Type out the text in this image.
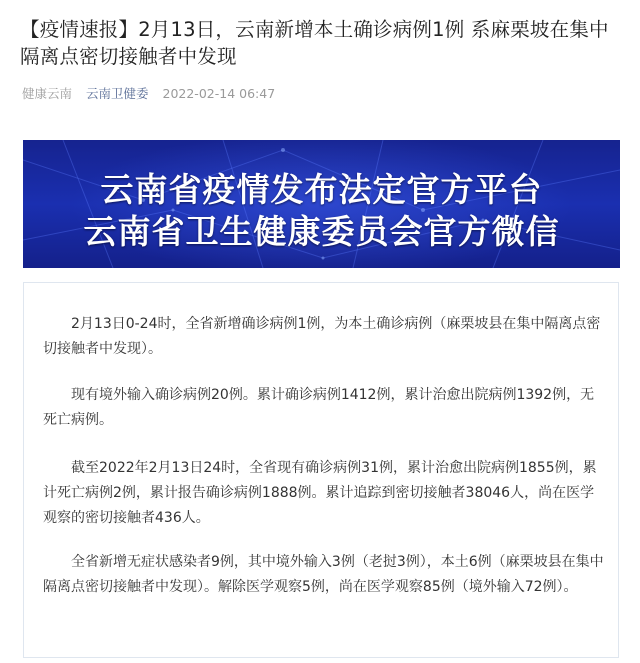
【疫情速报】2月13日，云南新增本土确诊病例1例 系麻栗坡在集中隔离点密切接触者中发现
健康云南 云南卫健委 2022-02-14 06:47
云南省疫情发布法定官方平台
云南省卫生健康委员会官方微信

2月13日0-24时，全省新增确诊病例1例，为本土确诊病例（麻栗坡县在集中隔离点密切接触者中发现）。

现有境外输入确诊病例20例。累计确诊病例1412例，累计治愈出院病例1392例，无死亡病例。

截至2022年2月13日24时，全省现有确诊病例31例，累计治愈出院病例1855例，累计死亡病例2例，累计报告确诊病例1888例。累计追踪到密切接触者38046人，尚在医学观察的密切接触者436人。

全省新增无症状感染者9例，其中境外输入3例（老挝3例），本土6例（麻栗坡县在集中隔离点密切接触者中发现）。解除医学观察5例，尚在医学观察85例（境外输入72例）。
